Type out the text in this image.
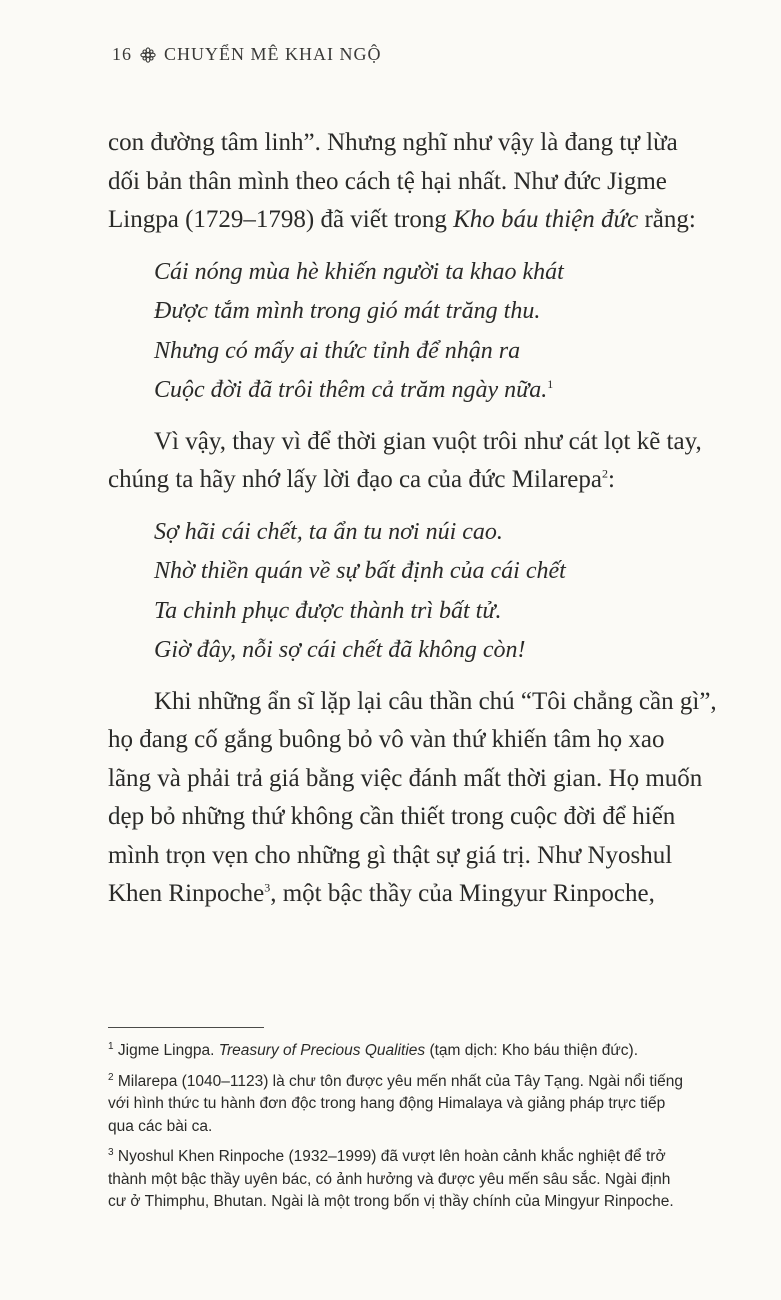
16 CHUYỂN MÊ KHAI NGỘ
con đường tâm linh”. Nhưng nghĩ như vậy là đang tự lừa
dối bản thân mình theo cách tệ hại nhất. Như đức Jigme
Lingpa (1729–1798) đã viết trong Kho báu thiện đức rằng:
Cái nóng mùa hè khiến người ta khao khát
Được tắm mình trong gió mát trăng thu.
Nhưng có mấy ai thức tỉnh để nhận ra
Cuộc đời đã trôi thêm cả trăm ngày nữa.$^1$
Vì vậy, thay vì để thời gian vuột trôi như cát lọt kẽ tay,
chúng ta hãy nhớ lấy lời đạo ca của đức Milarepa$^2$:
Sợ hãi cái chết, ta ẩn tu nơi núi cao.
Nhờ thiền quán về sự bất định của cái chết
Ta chinh phục được thành trì bất tử.
Giờ đây, nỗi sợ cái chết đã không còn!
Khi những ẩn sĩ lặp lại câu thần chú “Tôi chẳng cần gì”,
họ đang cố gắng buông bỏ vô vàn thứ khiến tâm họ xao
lãng và phải trả giá bằng việc đánh mất thời gian. Họ muốn
dẹp bỏ những thứ không cần thiết trong cuộc đời để hiến
mình trọn vẹn cho những gì thật sự giá trị. Như Nyoshul
Khen Rinpoche$^3$, một bậc thầy của Mingyur Rinpoche,

$^1$ Jigme Lingpa. Treasury of Precious Qualities (tạm dịch: Kho báu thiện đức).

$^2$ Milarepa (1040–1123) là chư tôn được yêu mến nhất của Tây Tạng. Ngài nổi tiếng
với hình thức tu hành đơn độc trong hang động Himalaya và giảng pháp trực tiếp
qua các bài ca.

$^3$ Nyoshul Khen Rinpoche (1932–1999) đã vượt lên hoàn cảnh khắc nghiệt để trở
thành một bậc thầy uyên bác, có ảnh hưởng và được yêu mến sâu sắc. Ngài định
cư ở Thimphu, Bhutan. Ngài là một trong bốn vị thầy chính của Mingyur Rinpoche.
